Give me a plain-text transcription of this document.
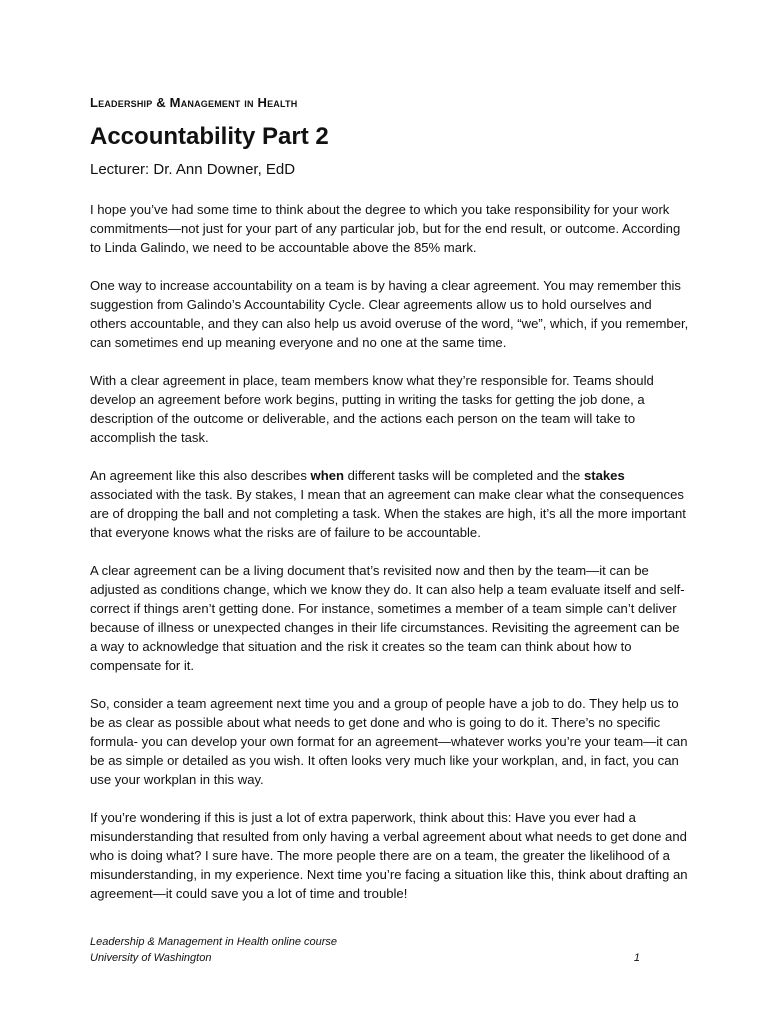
Leadership & Management in Health
Accountability Part 2
Lecturer: Dr. Ann Downer, EdD

I hope you’ve had some time to think about the degree to which you take responsibility for your work commitments—not just for your part of any particular job, but for the end result, or outcome. According to Linda Galindo, we need to be accountable above the 85% mark.

One way to increase accountability on a team is by having a clear agreement. You may remember this suggestion from Galindo’s Accountability Cycle. Clear agreements allow us to hold ourselves and others accountable, and they can also help us avoid overuse of the word, “we”, which, if you remember, can sometimes end up meaning everyone and no one at the same time.

With a clear agreement in place, team members know what they’re responsible for. Teams should develop an agreement before work begins, putting in writing the tasks for getting the job done, a description of the outcome or deliverable, and the actions each person on the team will take to accomplish the task.

An agreement like this also describes when different tasks will be completed and the stakes associated with the task. By stakes, I mean that an agreement can make clear what the consequences are of dropping the ball and not completing a task. When the stakes are high, it’s all the more important that everyone knows what the risks are of failure to be accountable.

A clear agreement can be a living document that’s revisited now and then by the team—it can be adjusted as conditions change, which we know they do. It can also help a team evaluate itself and self-correct if things aren’t getting done. For instance, sometimes a member of a team simple can’t deliver because of illness or unexpected changes in their life circumstances. Revisiting the agreement can be a way to acknowledge that situation and the risk it creates so the team can think about how to compensate for it.

So, consider a team agreement next time you and a group of people have a job to do. They help us to be as clear as possible about what needs to get done and who is going to do it. There’s no specific formula- you can develop your own format for an agreement—whatever works you’re your team—it can be as simple or detailed as you wish. It often looks very much like your workplan, and, in fact, you can use your workplan in this way.

If you’re wondering if this is just a lot of extra paperwork, think about this: Have you ever had a misunderstanding that resulted from only having a verbal agreement about what needs to get done and who is doing what? I sure have. The more people there are on a team, the greater the likelihood of a misunderstanding, in my experience. Next time you’re facing a situation like this, think about drafting an agreement—it could save you a lot of time and trouble!

Leadership & Management in Health online course
University of Washington	1
